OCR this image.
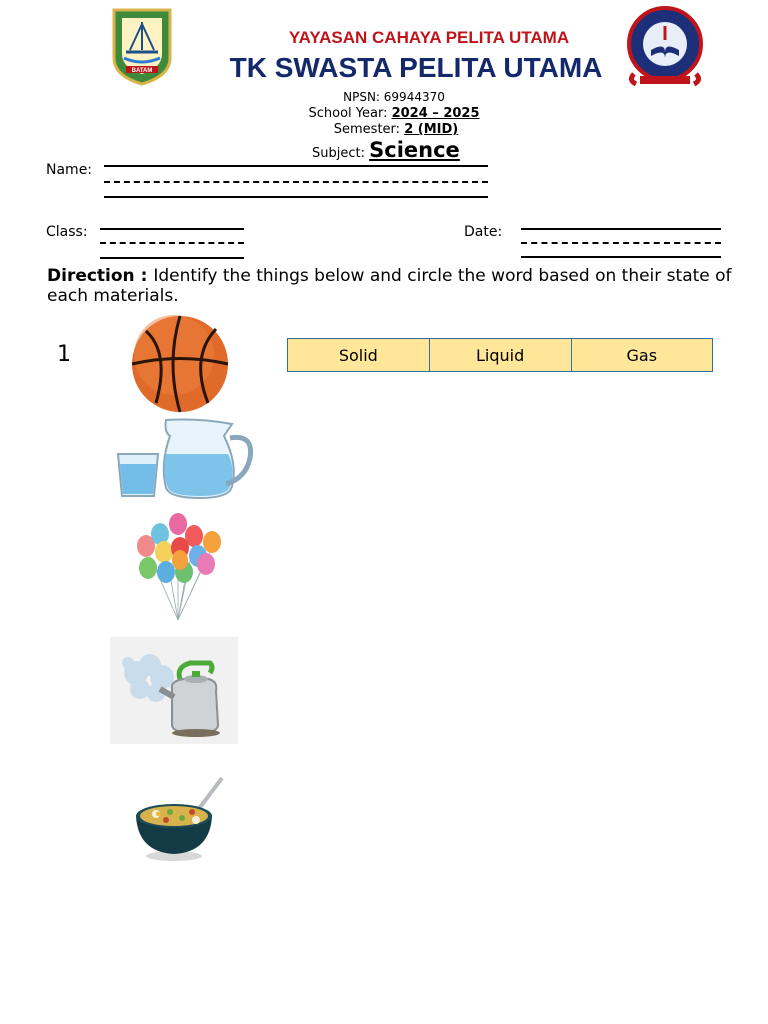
BATAM
YAYASAN CAHAYA PELITA UTAMA
TK SWASTA PELITA UTAMA
NPSN: 69944370
School Year: 2024 – 2025
Semester: 2 (MID)
Subject: Science
Name:
Class:	Date:
Direction : Identify the things below and circle the word based on their state of each materials.
1	Solid	Liquid	Gas
